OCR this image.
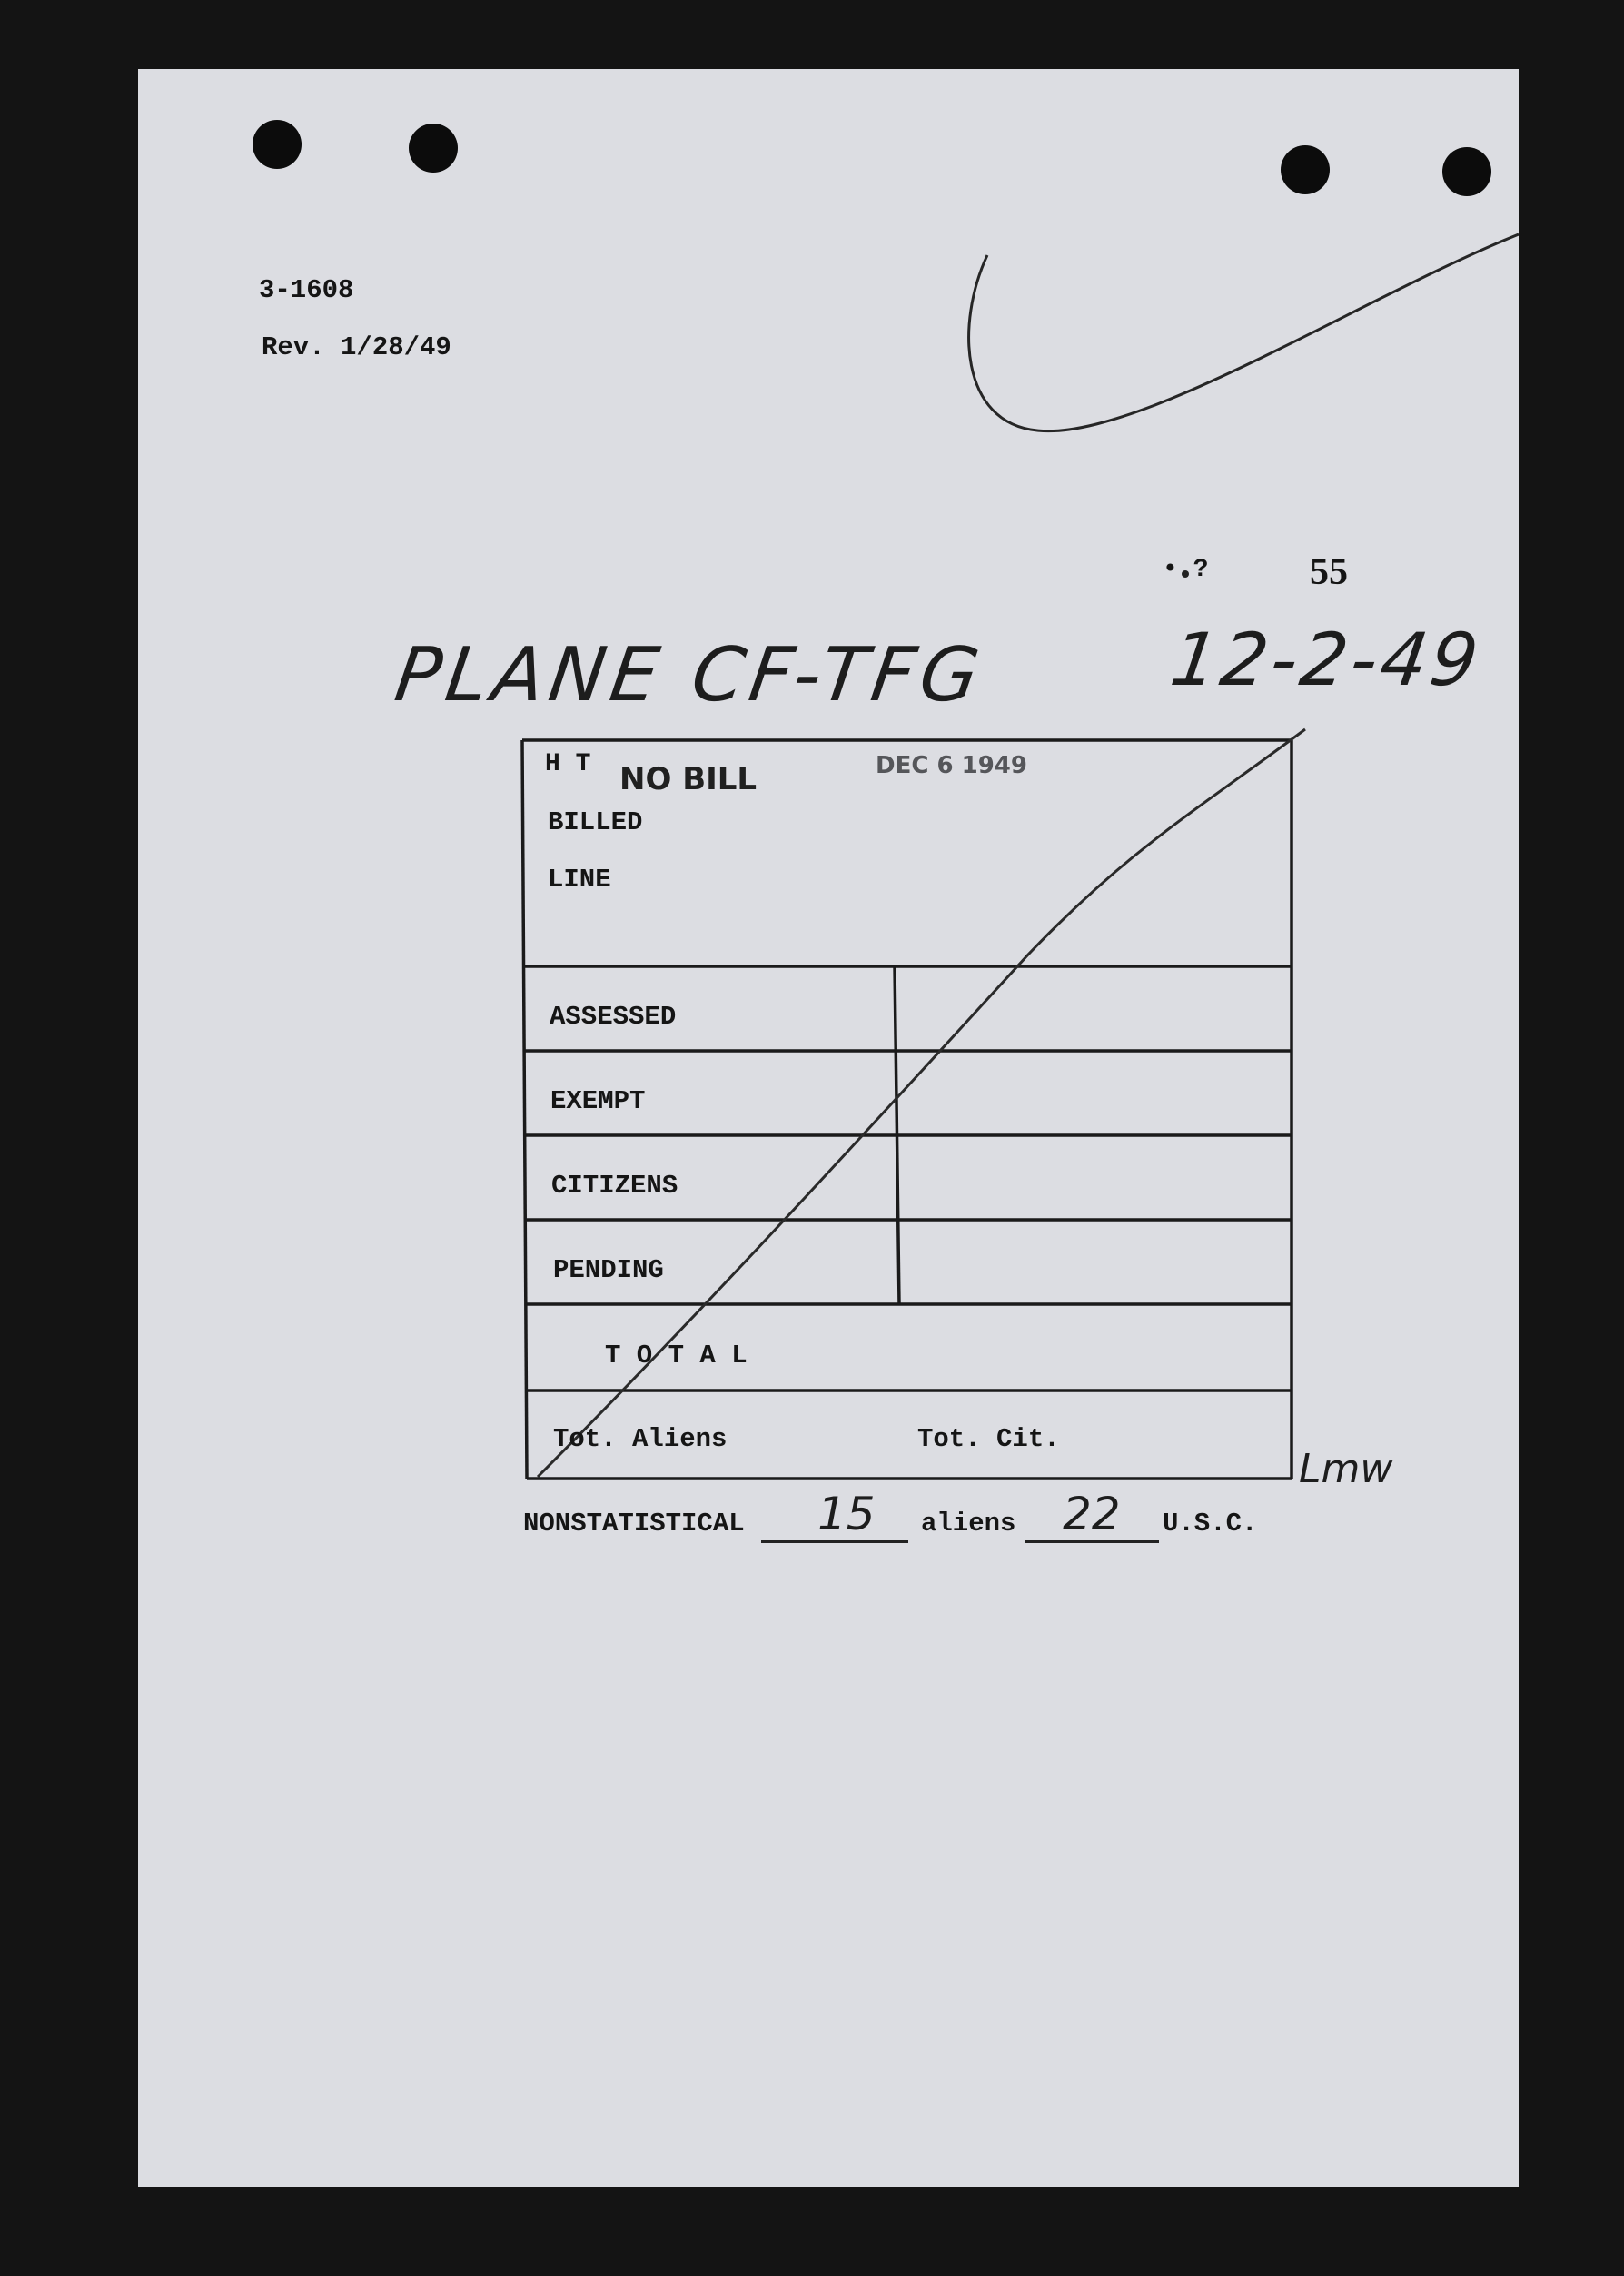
3-1608
Rev. 1/28/49
• ?	55
PLANE CF-TFG 12-2-49
H T NO BILL	DEC 6 1949
BILLED
LINE
ASSESSED
EXEMPT
CITIZENS
PENDING
T O T A L
Tot. Aliens	Tot. Cit.
Lmw
NONSTATISTICAL 15 aliens 22 U.S.C.
